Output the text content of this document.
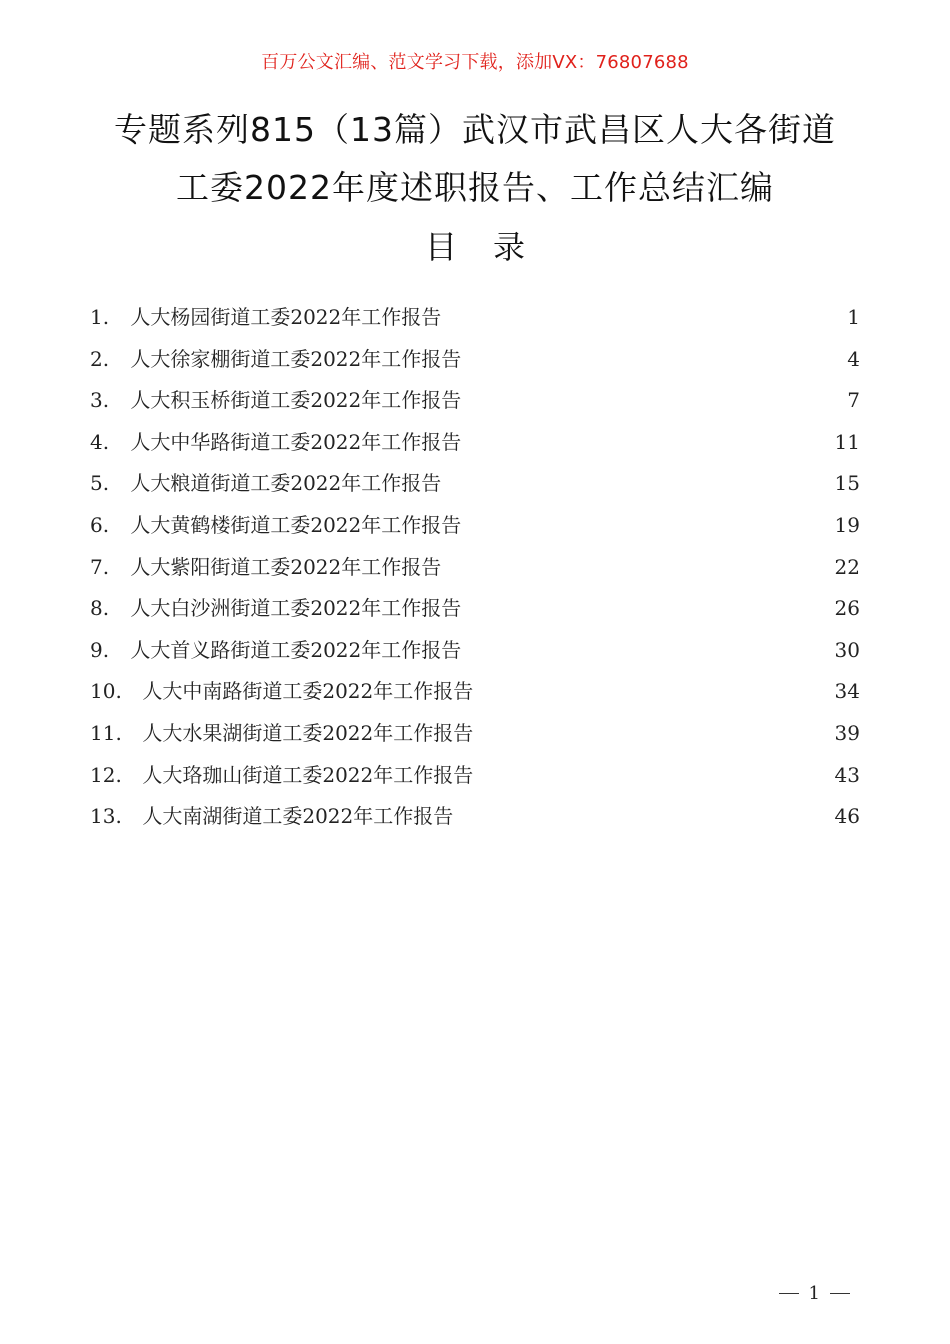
百万公文汇编、范文学习下载，添加VX：76807688
专题系列815（13篇）武汉市武昌区人大各街道
工委2022年度述职报告、工作总结汇编
目录
1. 人大杨园街道工委2022年工作报告	1
2. 人大徐家棚街道工委2022年工作报告	4
3. 人大积玉桥街道工委2022年工作报告	7
4. 人大中华路街道工委2022年工作报告	11
5. 人大粮道街道工委2022年工作报告	15
6. 人大黄鹤楼街道工委2022年工作报告	19
7. 人大紫阳街道工委2022年工作报告	22
8. 人大白沙洲街道工委2022年工作报告	26
9. 人大首义路街道工委2022年工作报告	30
10. 人大中南路街道工委2022年工作报告	34
11. 人大水果湖街道工委2022年工作报告	39
12. 人大珞珈山街道工委2022年工作报告	43
13. 人大南湖街道工委2022年工作报告	46
1
